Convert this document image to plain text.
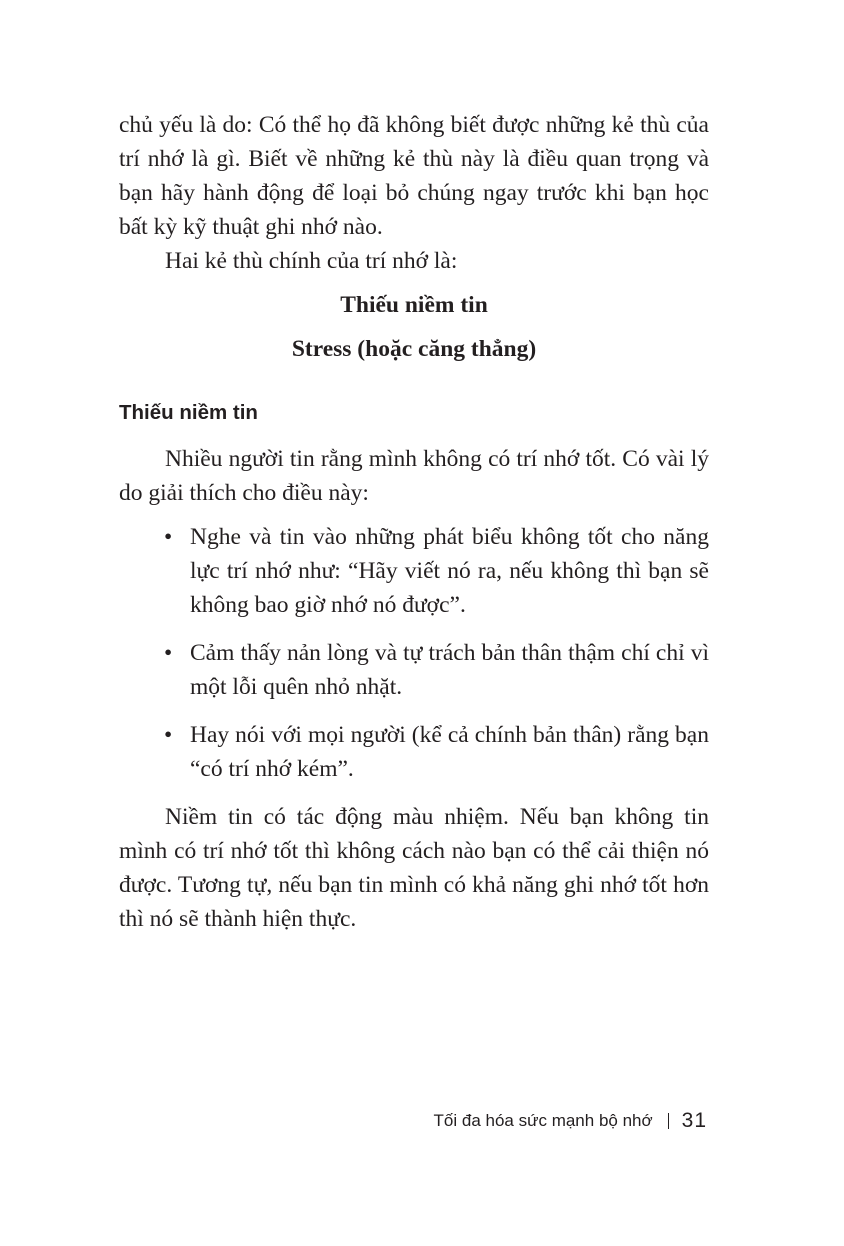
chủ yếu là do: Có thể họ đã không biết được những kẻ thù của trí nhớ là gì. Biết về những kẻ thù này là điều quan trọng và bạn hãy hành động để loại bỏ chúng ngay trước khi bạn học bất kỳ kỹ thuật ghi nhớ nào.

Hai kẻ thù chính của trí nhớ là:

Thiếu niềm tin

Stress (hoặc căng thẳng)

Thiếu niềm tin

Nhiều người tin rằng mình không có trí nhớ tốt. Có vài lý do giải thích cho điều này:

• Nghe và tin vào những phát biểu không tốt cho năng lực trí nhớ như: “Hãy viết nó ra, nếu không thì bạn sẽ không bao giờ nhớ nó được”.
• Cảm thấy nản lòng và tự trách bản thân thậm chí chỉ vì một lỗi quên nhỏ nhặt.
• Hay nói với mọi người (kể cả chính bản thân) rằng bạn “có trí nhớ kém”.

Niềm tin có tác động màu nhiệm. Nếu bạn không tin mình có trí nhớ tốt thì không cách nào bạn có thể cải thiện nó được. Tương tự, nếu bạn tin mình có khả năng ghi nhớ tốt hơn thì nó sẽ thành hiện thực.

Tối đa hóa sức mạnh bộ nhớ 31
